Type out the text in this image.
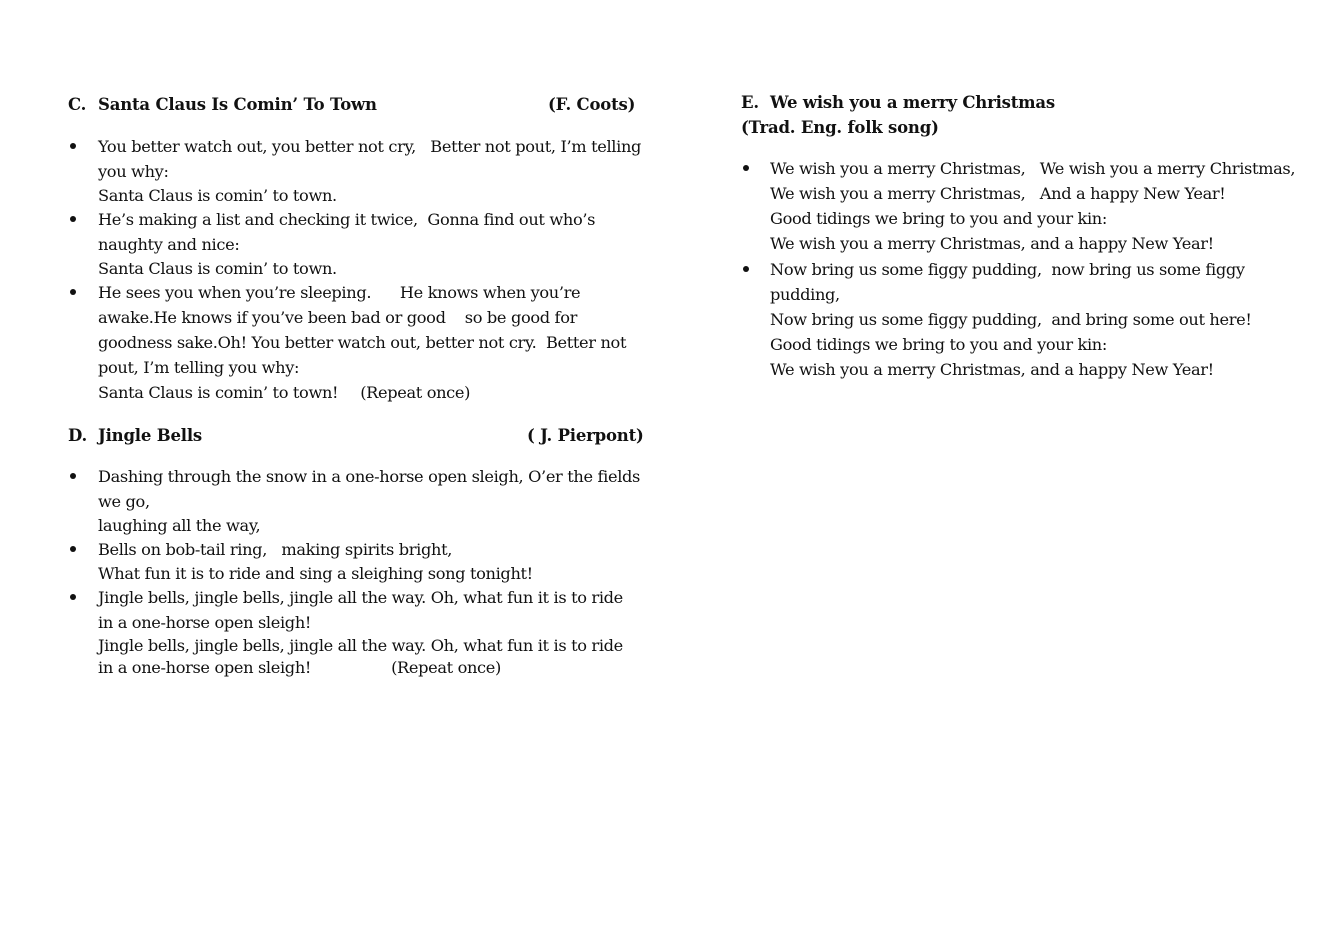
C. Santa Claus Is Comin’ To Town	(F. Coots)
You better watch out, you better not cry,   Better not pout, I’m telling
you why:
Santa Claus is comin’ to town.
He’s making a list and checking it twice,  Gonna find out who’s
naughty and nice:
Santa Claus is comin’ to town.
He sees you when you’re sleeping.      He knows when you’re
awake.He knows if you’ve been bad or good    so be good for
goodness sake.Oh! You better watch out, better not cry.  Better not
pout, I’m telling you why:
Santa Claus is comin’ to town! (Repeat once)
D. Jingle Bells	( J. Pierpont)
Dashing through the snow in a one-horse open sleigh, O’er the fields
we go,
laughing all the way,
Bells on bob-tail ring,   making spirits bright,
What fun it is to ride and sing a sleighing song tonight!
Jingle bells, jingle bells, jingle all the way. Oh, what fun it is to ride
in a one-horse open sleigh!
Jingle bells, jingle bells, jingle all the way. Oh, what fun it is to ride
in a one-horse open sleigh!	(Repeat once)
E. We wish you a merry Christmas
(Trad. Eng. folk song)
We wish you a merry Christmas,   We wish you a merry Christmas,
We wish you a merry Christmas,   And a happy New Year!
Good tidings we bring to you and your kin:
We wish you a merry Christmas, and a happy New Year!
Now bring us some figgy pudding,  now bring us some figgy
pudding,
Now bring us some figgy pudding,  and bring some out here!
Good tidings we bring to you and your kin:
We wish you a merry Christmas, and a happy New Year!
